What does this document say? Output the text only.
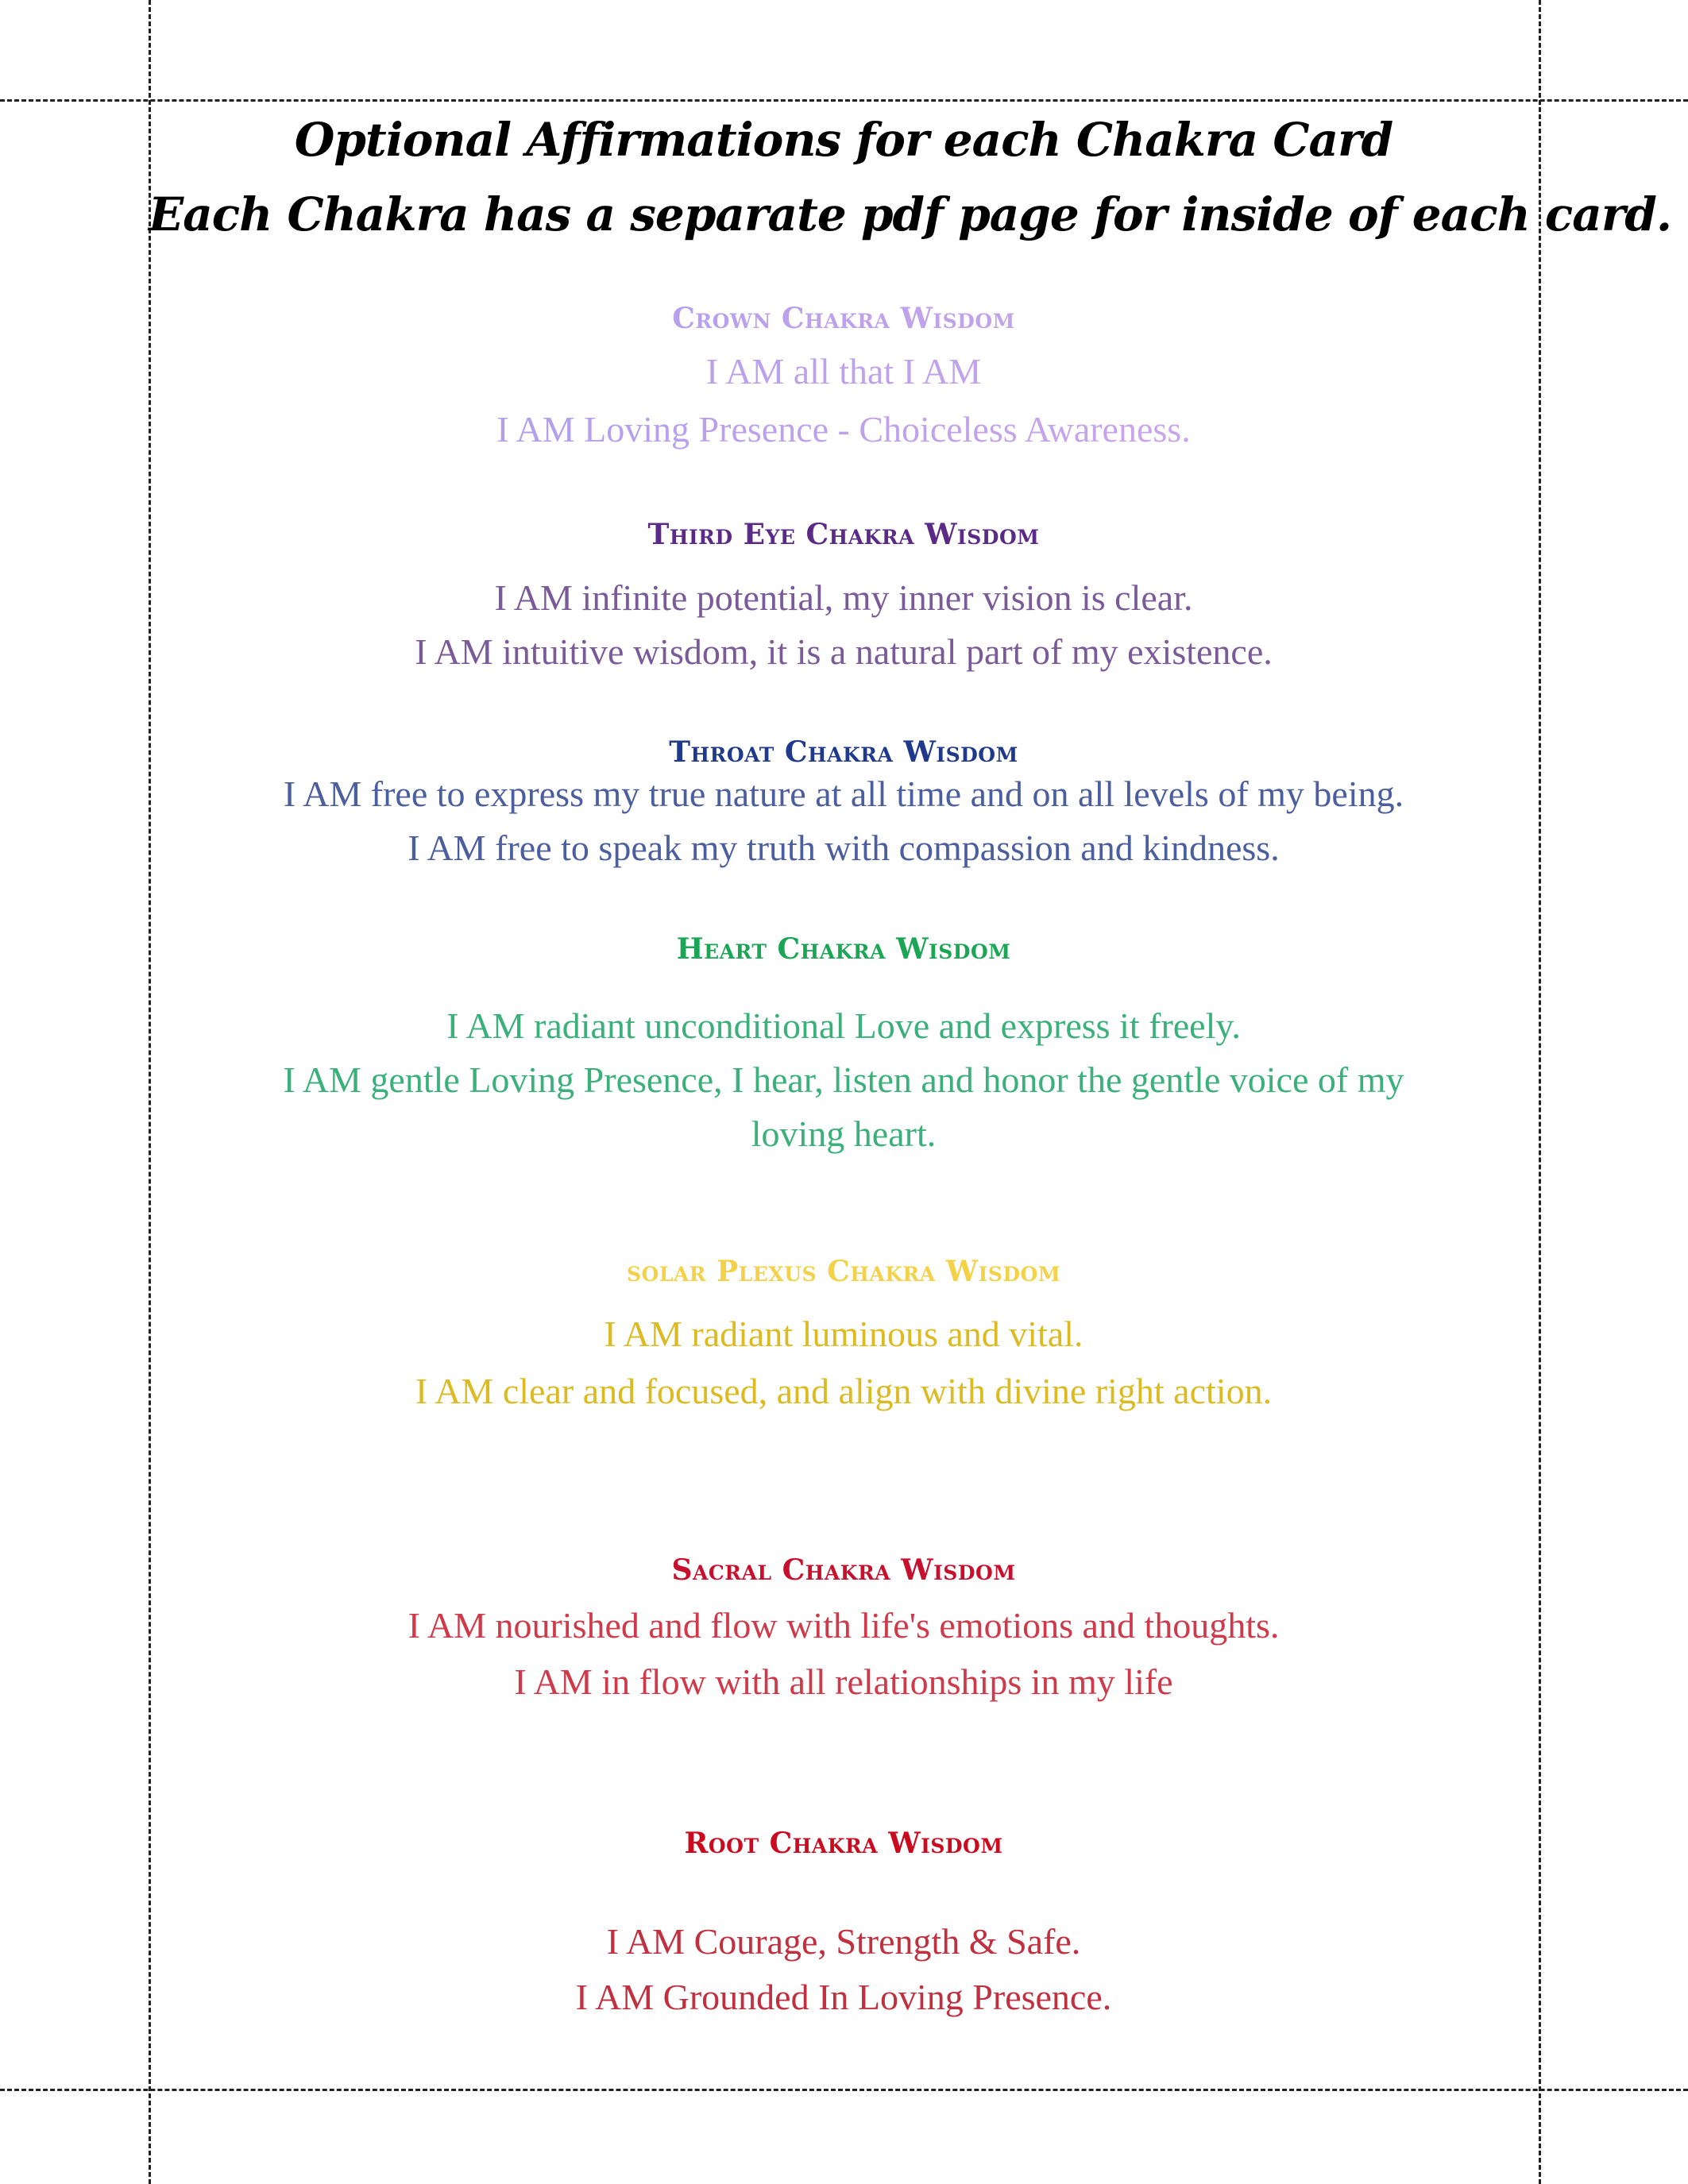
Optional Affirmations for each Chakra Card

Each Chakra has a separate pdf page for inside of each card.

Crown Chakra Wisdom

I AM all that I AM

I AM Loving Presence - Choiceless Awareness.

Third Eye Chakra Wisdom

I AM infinite potential, my inner vision is clear.

I AM intuitive wisdom, it is a natural part of my existence.

Throat Chakra Wisdom

I AM free to express my true nature at all time and on all levels of my being.

I AM free to speak my truth with compassion and kindness.

Heart Chakra Wisdom

I AM radiant unconditional Love and express it freely.

I AM gentle Loving Presence, I hear, listen and honor the gentle voice of my

loving heart.

solar Plexus Chakra Wisdom

I AM radiant luminous and vital.

I AM clear and focused, and align with divine right action.

Sacral Chakra Wisdom

I AM nourished and flow with life's emotions and thoughts.

I AM in flow with all relationships in my life

Root Chakra Wisdom

I AM Courage, Strength & Safe.

I AM Grounded In Loving Presence.
